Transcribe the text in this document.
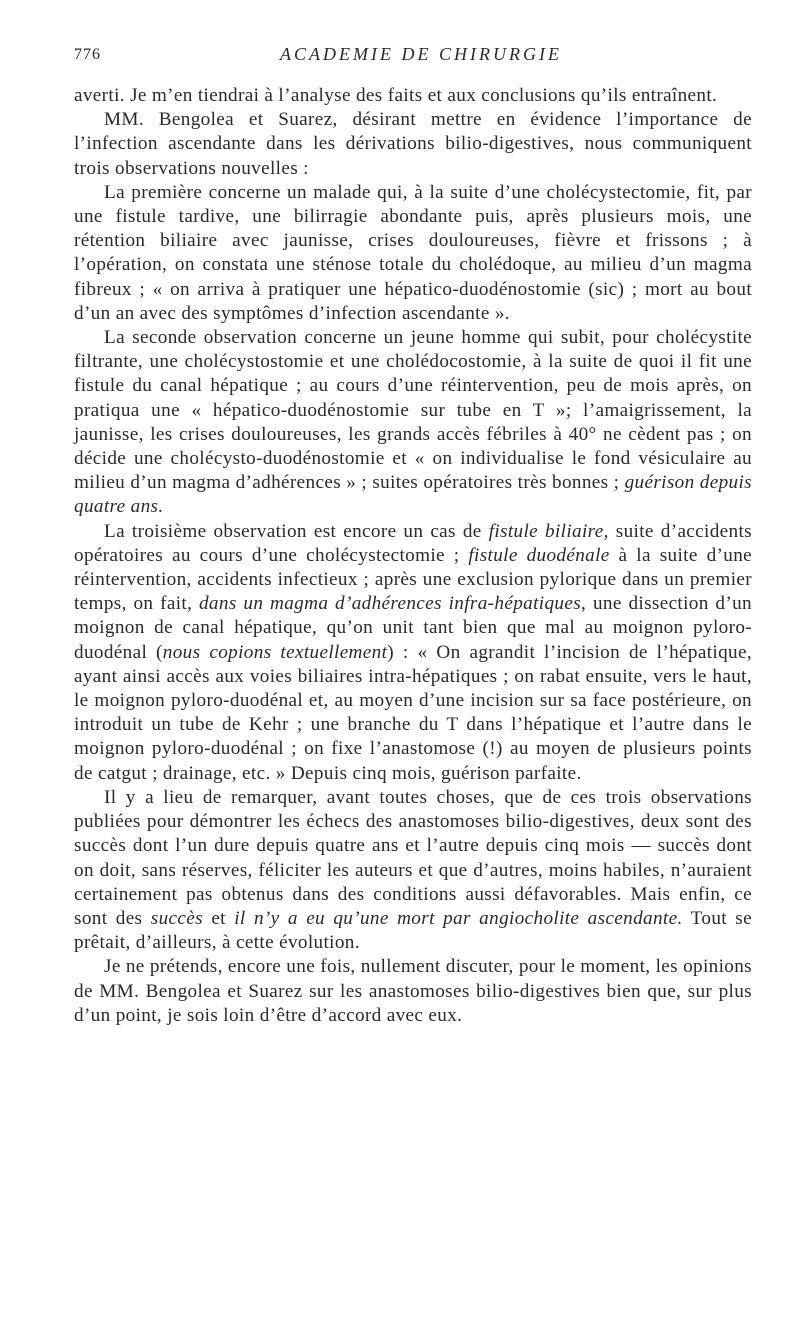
776	ACADEMIE DE CHIRURGIE

averti. Je m’en tiendrai à l’analyse des faits et aux conclusions qu’ils entraînent.

MM. Bengolea et Suarez, désirant mettre en évidence l’importance de l’infection ascendante dans les dérivations bilio-digestives, nous communiquent trois observations nouvelles :

La première concerne un malade qui, à la suite d’une cholécystectomie, fit, par une fistule tardive, une bilirragie abondante puis, après plusieurs mois, une rétention biliaire avec jaunisse, crises douloureuses, fièvre et frissons ; à l’opération, on constata une sténose totale du cholédoque, au milieu d’un magma fibreux ; « on arriva à pratiquer une hépatico-duodénostomie (sic) ; mort au bout d’un an avec des symptômes d’infection ascendante ».

La seconde observation concerne un jeune homme qui subit, pour cholécystite filtrante, une cholécystostomie et une cholédocostomie, à la suite de quoi il fit une fistule du canal hépatique ; au cours d’une réintervention, peu de mois après, on pratiqua une « hépatico-duodénostomie sur tube en T »; l’amaigrissement, la jaunisse, les crises douloureuses, les grands accès fébriles à 40° ne cèdent pas ; on décide une cholécysto-duodénostomie et « on individualise le fond vésiculaire au milieu d’un magma d’adhérences » ; suites opératoires très bonnes ; guérison depuis quatre ans.

La troisième observation est encore un cas de fistule biliaire, suite d’accidents opératoires au cours d’une cholécystectomie ; fistule duodénale à la suite d’une réintervention, accidents infectieux ; après une exclusion pylorique dans un premier temps, on fait, dans un magma d’adhérences infra-hépatiques, une dissection d’un moignon de canal hépatique, qu’on unit tant bien que mal au moignon pyloro-duodénal (nous copions textuellement) : « On agrandit l’incision de l’hépatique, ayant ainsi accès aux voies biliaires intra-hépatiques ; on rabat ensuite, vers le haut, le moignon pyloro-duodénal et, au moyen d’une incision sur sa face postérieure, on introduit un tube de Kehr ; une branche du T dans l’hépatique et l’autre dans le moignon pyloro-duodénal ; on fixe l’anastomose (!) au moyen de plusieurs points de catgut ; drainage, etc. » Depuis cinq mois, guérison parfaite.

Il y a lieu de remarquer, avant toutes choses, que de ces trois observations publiées pour démontrer les échecs des anastomoses bilio-digestives, deux sont des succès dont l’un dure depuis quatre ans et l’autre depuis cinq mois — succès dont on doit, sans réserves, féliciter les auteurs et que d’autres, moins habiles, n’auraient certainement pas obtenus dans des conditions aussi défavorables. Mais enfin, ce sont des succès et il n’y a eu qu’une mort par angiocholite ascendante. Tout se prêtait, d’ailleurs, à cette évolution.

Je ne prétends, encore une fois, nullement discuter, pour le moment, les opinions de MM. Bengolea et Suarez sur les anastomoses bilio-digestives bien que, sur plus d’un point, je sois loin d’être d’accord avec eux.
